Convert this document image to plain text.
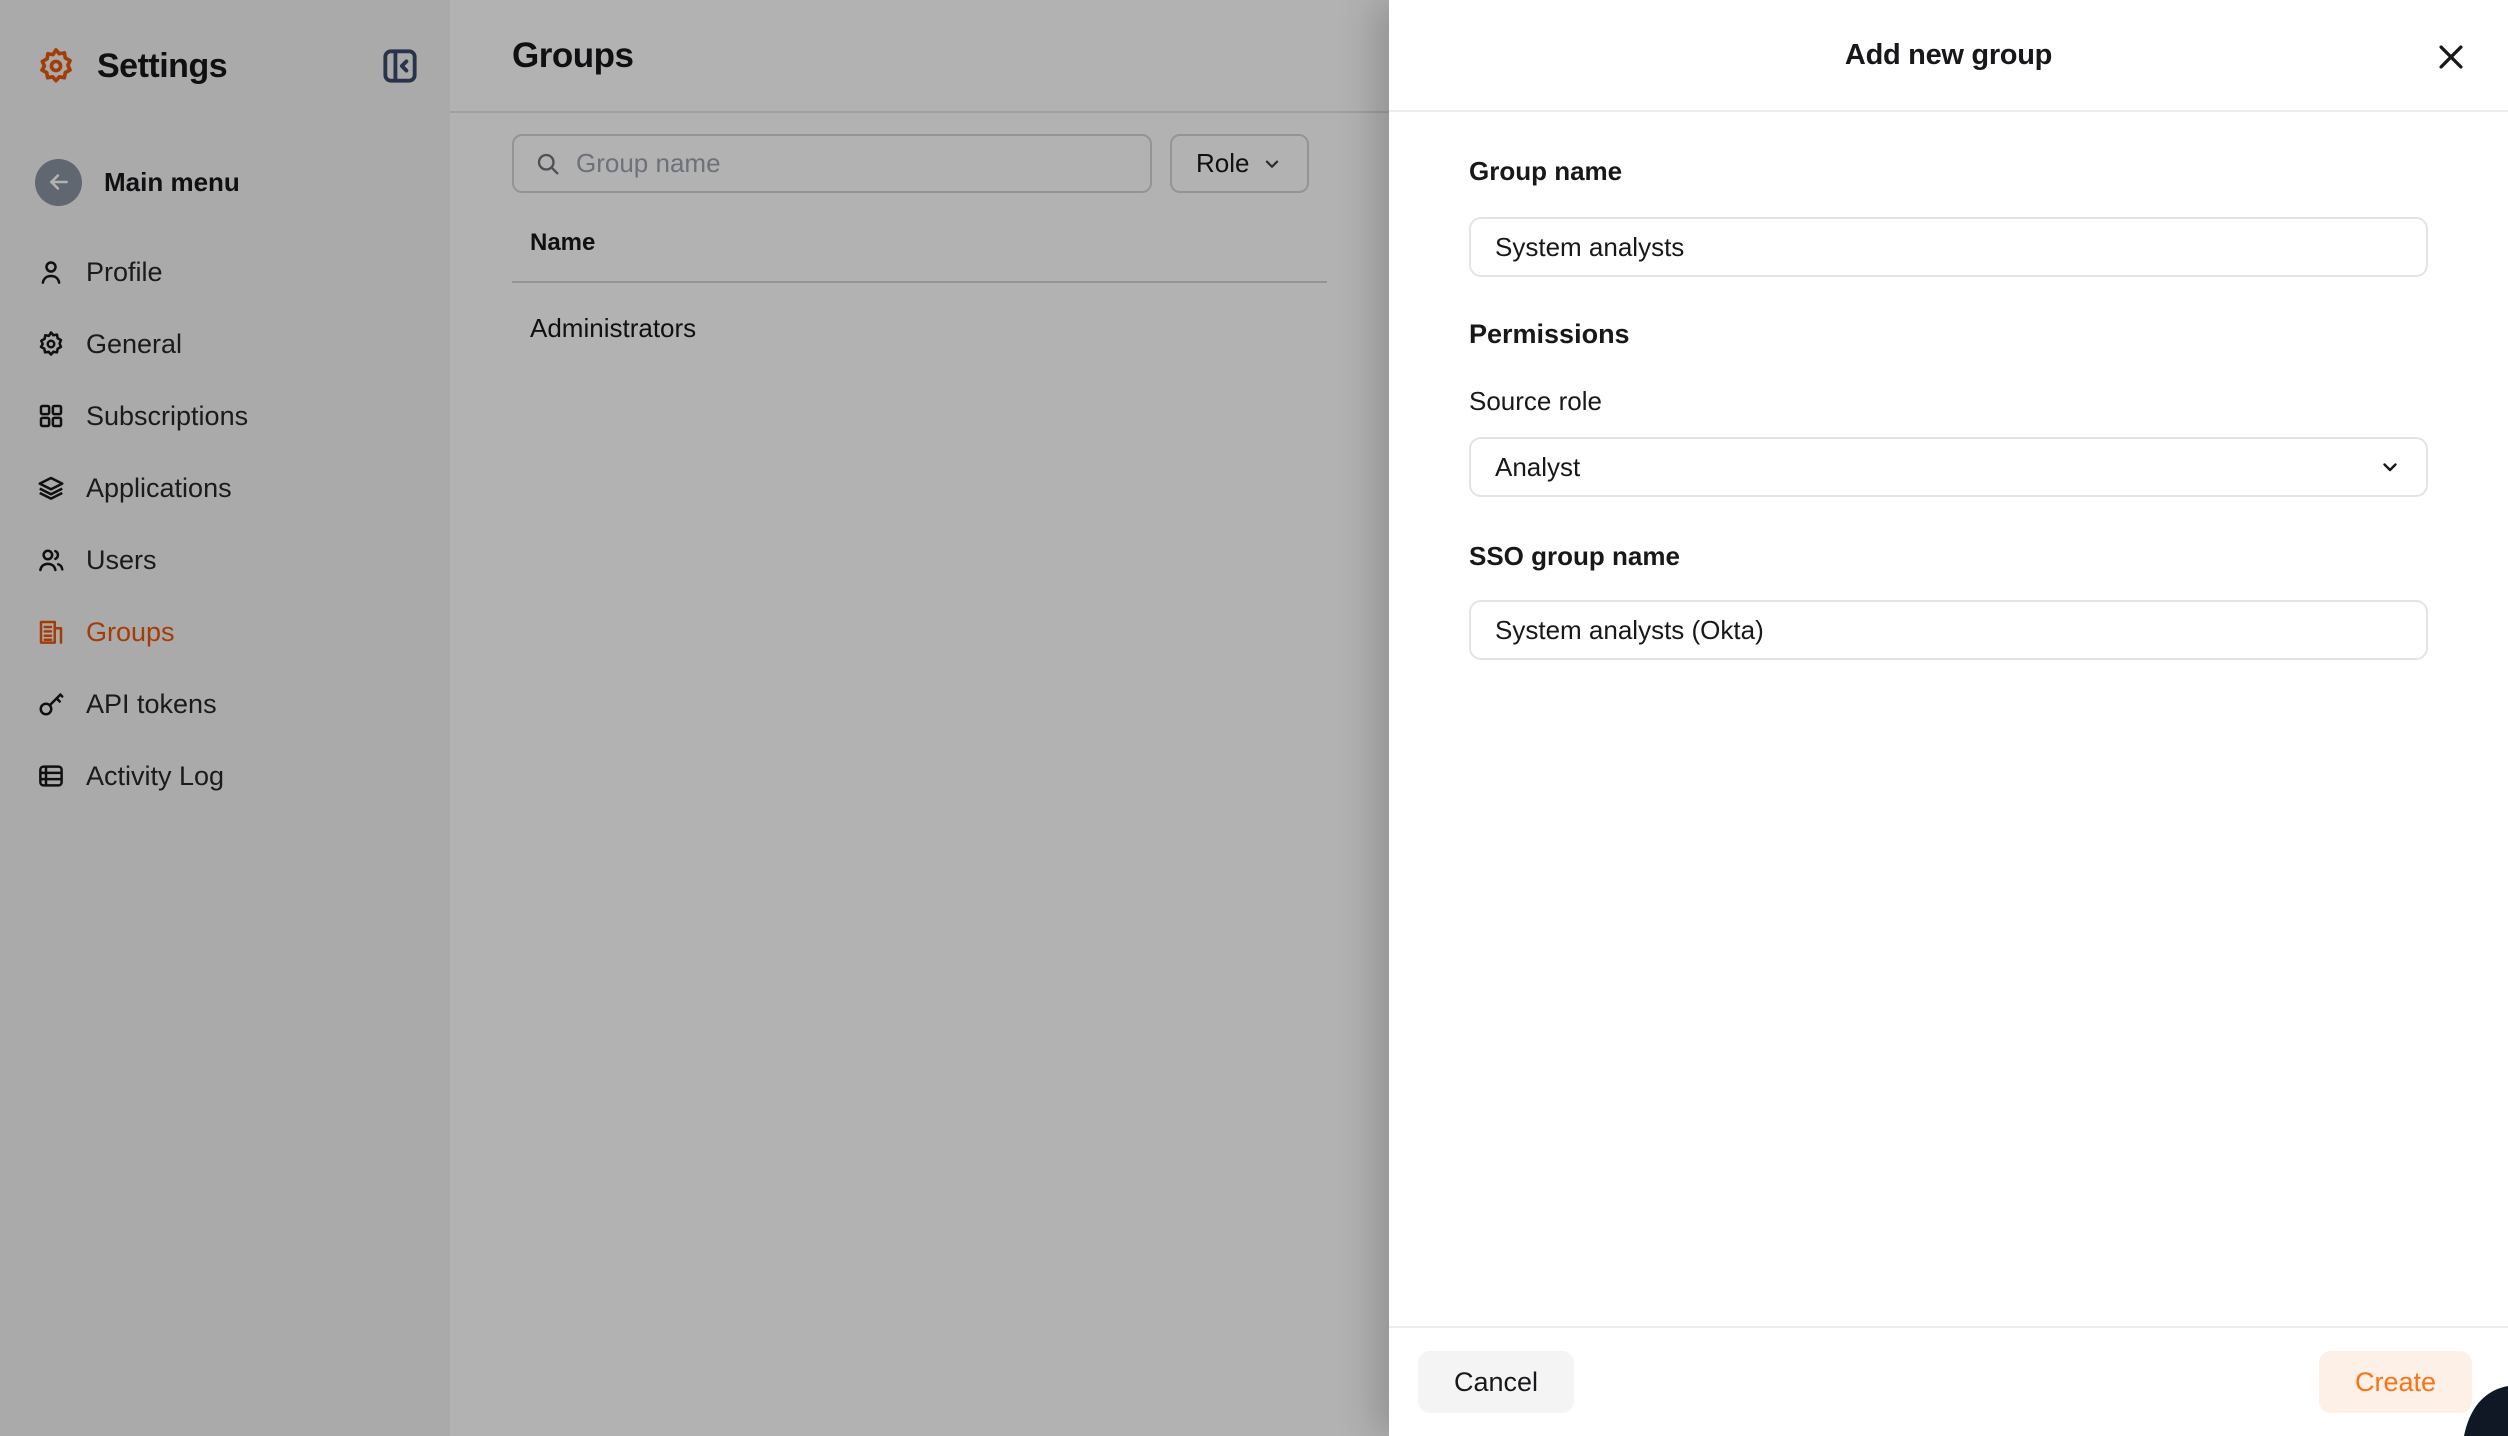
Settings
Main menu
Profile
General
Subscriptions
Applications
Users
Groups
API tokens
Activity Log
Groups
Group name
Role
Name
Administrators
Add new group
Group name
System analysts
Permissions
Source role
Analyst
SSO group name
System analysts (Okta)
Cancel	Create
